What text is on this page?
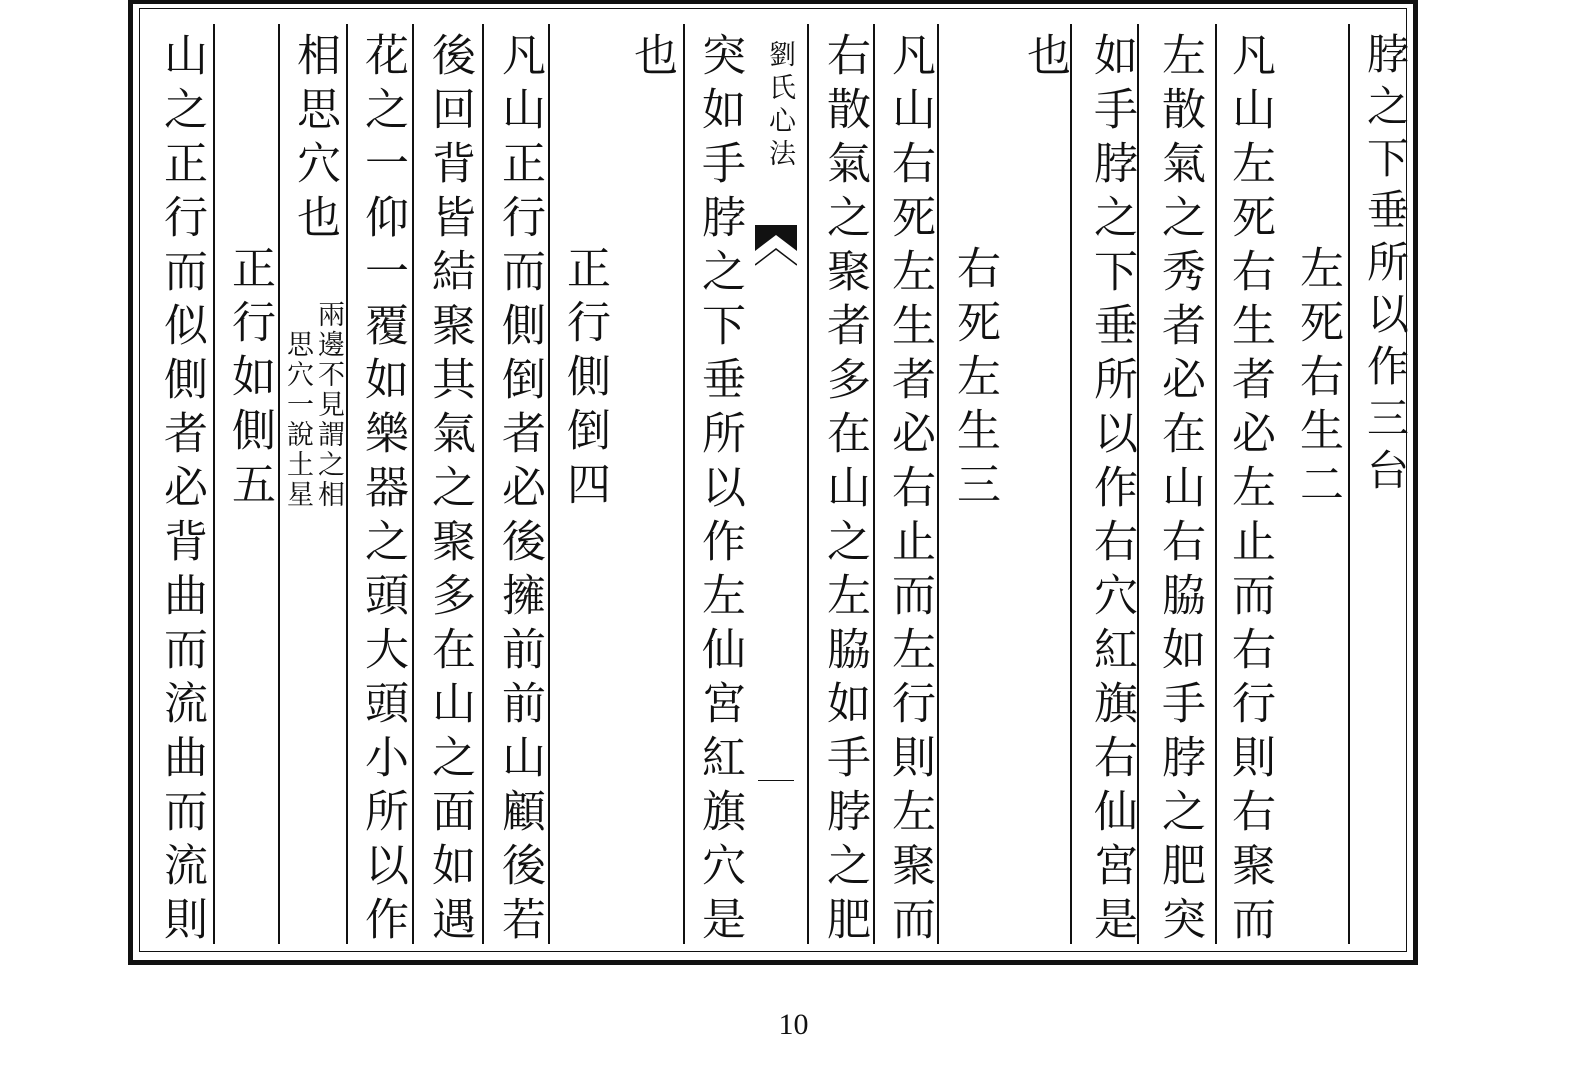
脖之下垂所以作三台
左死右生二
凡山左死右生者必左止而右行則右聚而
左散氣之秀者必在山右脇如手脖之肥突
如手脖之下垂所以作右穴紅旗右仙宮是
也
右死左生三
凡山右死左生者必右止而左行則左聚而
右散氣之聚者多在山之左脇如手脖之肥
劉氏心法
突如手脖之下垂所以作左仙宮紅旗穴是
也
正行側倒四
凡山正行而側倒者必後擁前前山顧後若
後回背皆結聚其氣之聚多在山之面如遇
花之一仰一覆如樂器之頭大頭小所以作
相思穴也
兩邊不見謂之相
思穴一說土星
正行如側五
山之正行而似側者必背曲而流曲而流則
10
